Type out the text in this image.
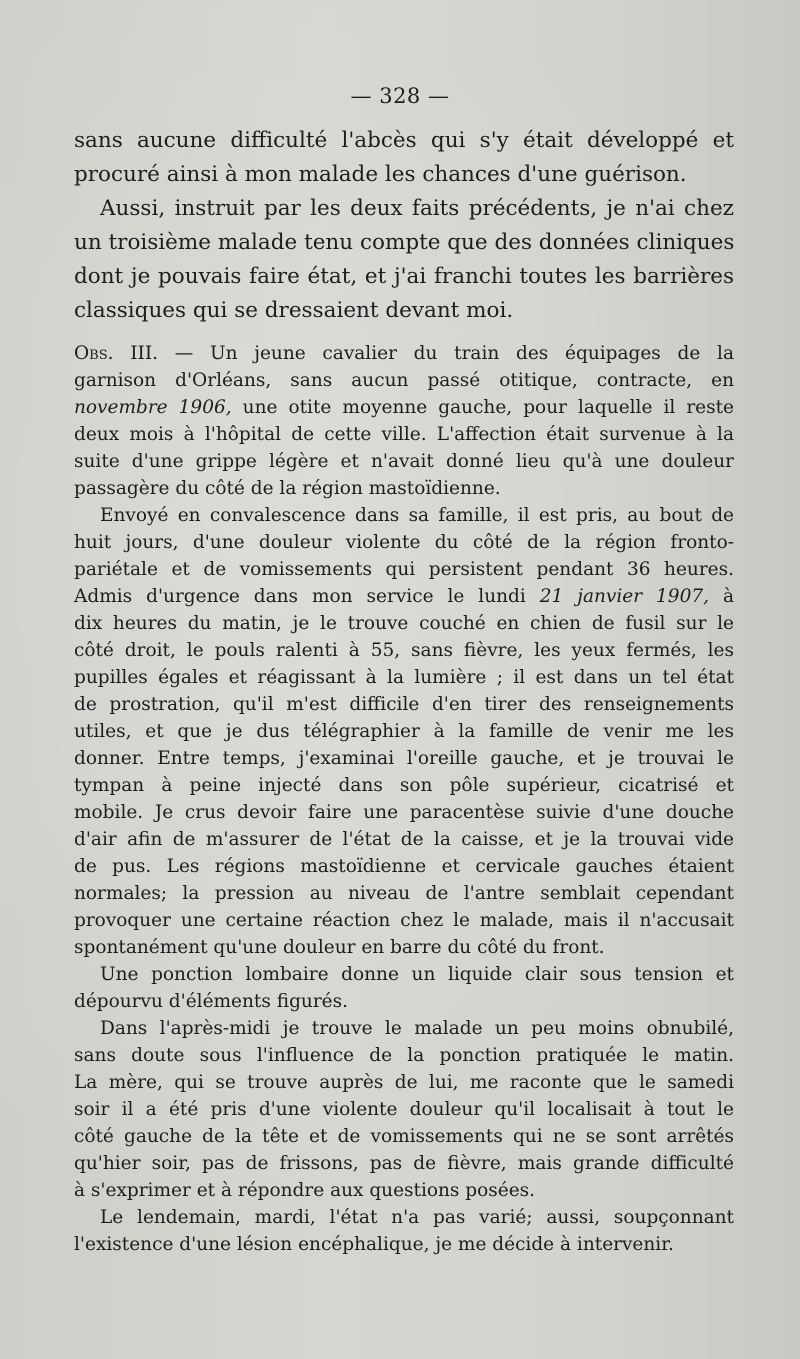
— 328 —
sans aucune difficulté l'abcès qui s'y était développé et
procuré ainsi à mon malade les chances d'une guérison.
Aussi, instruit par les deux faits précédents, je n'ai chez
un troisième malade tenu compte que des données cliniques
dont je pouvais faire état, et j'ai franchi toutes les barrières
classiques qui se dressaient devant moi.
Obs. III. — Un jeune cavalier du train des équipages de la
garnison d'Orléans, sans aucun passé otitique, contracte, en
novembre 1906, une otite moyenne gauche, pour laquelle il reste
deux mois à l'hôpital de cette ville. L'affection était survenue à la
suite d'une grippe légère et n'avait donné lieu qu'à une douleur
passagère du côté de la région mastoïdienne.
Envoyé en convalescence dans sa famille, il est pris, au bout de
huit jours, d'une douleur violente du côté de la région fronto-
pariétale et de vomissements qui persistent pendant 36 heures.
Admis d'urgence dans mon service le lundi 21 janvier 1907, à
dix heures du matin, je le trouve couché en chien de fusil sur le
côté droit, le pouls ralenti à 55, sans fièvre, les yeux fermés, les
pupilles égales et réagissant à la lumière ; il est dans un tel état
de prostration, qu'il m'est difficile d'en tirer des renseignements
utiles, et que je dus télégraphier à la famille de venir me les
donner. Entre temps, j'examinai l'oreille gauche, et je trouvai le
tympan à peine injecté dans son pôle supérieur, cicatrisé et
mobile. Je crus devoir faire une paracentèse suivie d'une douche
d'air afin de m'assurer de l'état de la caisse, et je la trouvai vide
de pus. Les régions mastoïdienne et cervicale gauches étaient
normales; la pression au niveau de l'antre semblait cependant
provoquer une certaine réaction chez le malade, mais il n'accusait
spontanément qu'une douleur en barre du côté du front.
Une ponction lombaire donne un liquide clair sous tension et
dépourvu d'éléments figurés.
Dans l'après-midi je trouve le malade un peu moins obnubilé,
sans doute sous l'influence de la ponction pratiquée le matin.
La mère, qui se trouve auprès de lui, me raconte que le samedi
soir il a été pris d'une violente douleur qu'il localisait à tout le
côté gauche de la tête et de vomissements qui ne se sont arrêtés
qu'hier soir, pas de frissons, pas de fièvre, mais grande difficulté
à s'exprimer et à répondre aux questions posées.
Le lendemain, mardi, l'état n'a pas varié; aussi, soupçonnant
l'existence d'une lésion encéphalique, je me décide à intervenir.
